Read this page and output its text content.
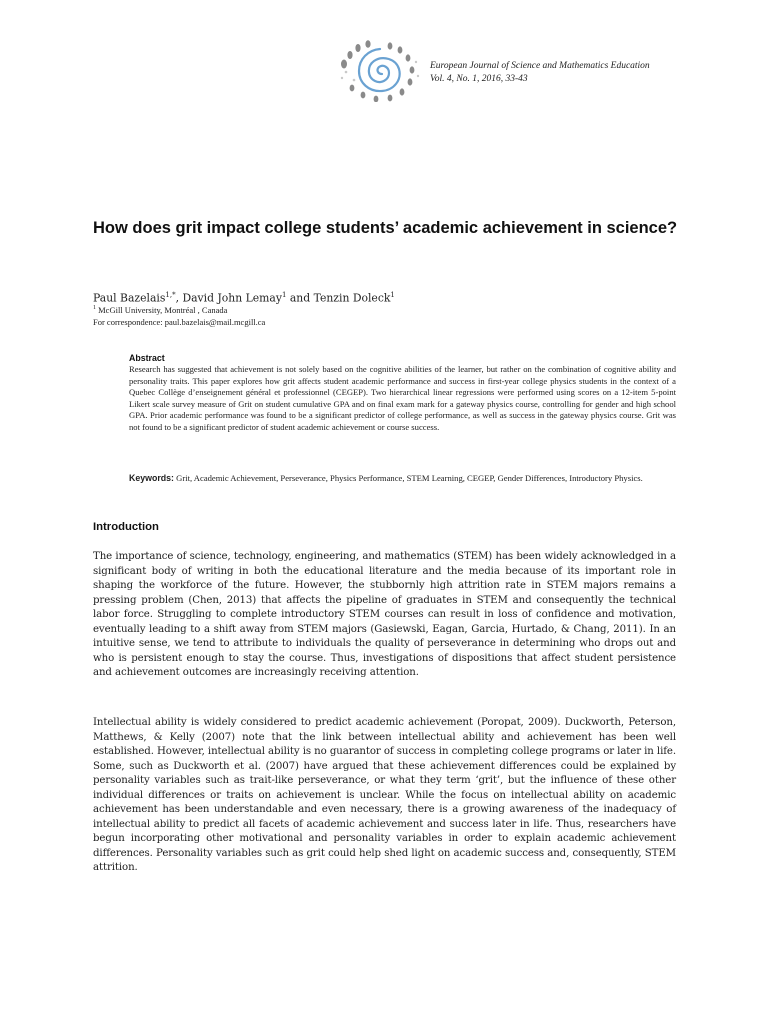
European Journal of Science and Mathematics Education
Vol. 4, No. 1, 2016, 33-43
How does grit impact college students’ academic achievement in science?
Paul Bazelais$^{1,*}$, David John Lemay$^1$ and Tenzin Doleck$^1$
$^1$ McGill University, Montréal , Canada
For correspondence: paul.bazelais@mail.mcgill.ca
Abstract

Research has suggested that achievement is not solely based on the cognitive abilities of the learner, but rather on the combination of cognitive ability and personality traits. This paper explores how grit affects student academic performance and success in first-year college physics students in the context of a Quebec Collège d’enseignement général et professionnel (CEGEP). Two hierarchical linear regressions were performed using scores on a 12-item 5-point Likert scale survey measure of Grit on student cumulative GPA and on final exam mark for a gateway physics course, controlling for gender and high school GPA. Prior academic performance was found to be a significant predictor of college performance, as well as success in the gateway physics course. Grit was not found to be a significant predictor of student academic achievement or course success.

Keywords: Grit, Academic Achievement, Perseverance, Physics Performance, STEM Learning, CEGEP, Gender Differences, Introductory Physics.

Introduction

The importance of science, technology, engineering, and mathematics (STEM) has been widely acknowledged in a significant body of writing in both the educational literature and the media because of its important role in shaping the workforce of the future. However, the stubbornly high attrition rate in STEM majors remains a pressing problem (Chen, 2013) that affects the pipeline of graduates in STEM and consequently the technical labor force. Struggling to complete introductory STEM courses can result in loss of confidence and motivation, eventually leading to a shift away from STEM majors (Gasiewski, Eagan, Garcia, Hurtado, & Chang, 2011). In an intuitive sense, we tend to attribute to individuals the quality of perseverance in determining who drops out and who is persistent enough to stay the course. Thus, investigations of dispositions that affect student persistence and achievement outcomes are increasingly receiving attention.

Intellectual ability is widely considered to predict academic achievement (Poropat, 2009). Duckworth, Peterson, Matthews, & Kelly (2007) note that the link between intellectual ability and achievement has been well established. However, intellectual ability is no guarantor of success in completing college programs or later in life. Some, such as Duckworth et al. (2007) have argued that these achievement differences could be explained by personality variables such as trait-like perseverance, or what they term ‘grit’, but the influence of these other individual differences or traits on achievement is unclear. While the focus on intellectual ability on academic achievement has been understandable and even necessary, there is a growing awareness of the inadequacy of intellectual ability to predict all facets of academic achievement and success later in life. Thus, researchers have begun incorporating other motivational and personality variables in order to explain academic achievement differences. Personality variables such as grit could help shed light on academic success and, consequently, STEM attrition.
